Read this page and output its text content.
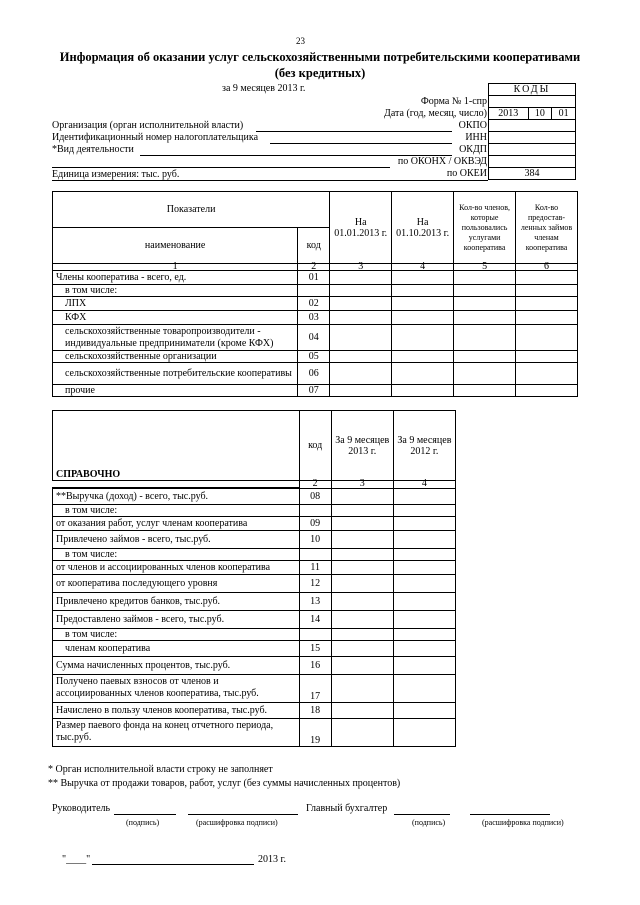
23
Информация об оказании услуг сельскохозяйственными потребительскими кооперативами
(без кредитных)
за 9 месяцев 2013 г.	КОДЫ

2013	10	01

384
Форма № 1-спр
Дата (год, месяц, число)
Организация (орган исполнительной власти)	ОКПО
Идентификационный номер налогоплательщика	ИНН
*Вид деятельности	ОКДП
по ОКОНХ / ОКВЭД
Единица измерения: тыс. руб.	по ОКЕИ
Показатели		На 01.01.2013 г.	На 01.10.2013 г.	Кол-во членов, которые пользовались услугами кооператива	Кол-во предостав-ленных займов членам кооператива
наименование	код				
1	2	3	4	5	6
Члены кооператива - всего, ед.	01				
в том числе:					
ЛПХ	02				
КФХ	03				
сельскохозяйственные товаропроизводители - индивидуальные предприниматели (кроме КФХ)	04				
сельскохозяйственные организации	05				
сельскохозяйственные потребительские кооперативы	06				
прочие	07				
СПРАВОЧНО	код	За 9 месяцев 2013 г.	За 9 месяцев 2012 г.
	2	3	4
**Выручка (доход) - всего, тыс.руб.	08		
в том числе:			
от оказания работ, услуг членам кооператива	09		
Привлечено займов - всего, тыс.руб.	10		
в том числе:			
от членов и ассоциированных членов кооператива	11		
от кооператива последующего уровня	12		
Привлечено кредитов банков, тыс.руб.	13		
Предоставлено займов - всего, тыс.руб.	14		
в том числе:			
членам кооператива	15		
Сумма начисленных процентов, тыс.руб.	16		
Получено паевых взносов от членов и ассоциированных членов кооператива, тыс.руб.	17		
Начислено в пользу членов кооператива, тыс.руб.	18		
Размер паевого фонда на конец отчетного периода, тыс.руб.	19		
* Орган исполнительной власти строку не заполняет
** Выручка от продажи товаров, работ, услуг (без суммы начисленных процентов)
Руководитель
(подпись)	(расшифровка подписи)
Главный бухгалтер
(подпись)	(расшифровка подписи)
"____"	2013 г.
